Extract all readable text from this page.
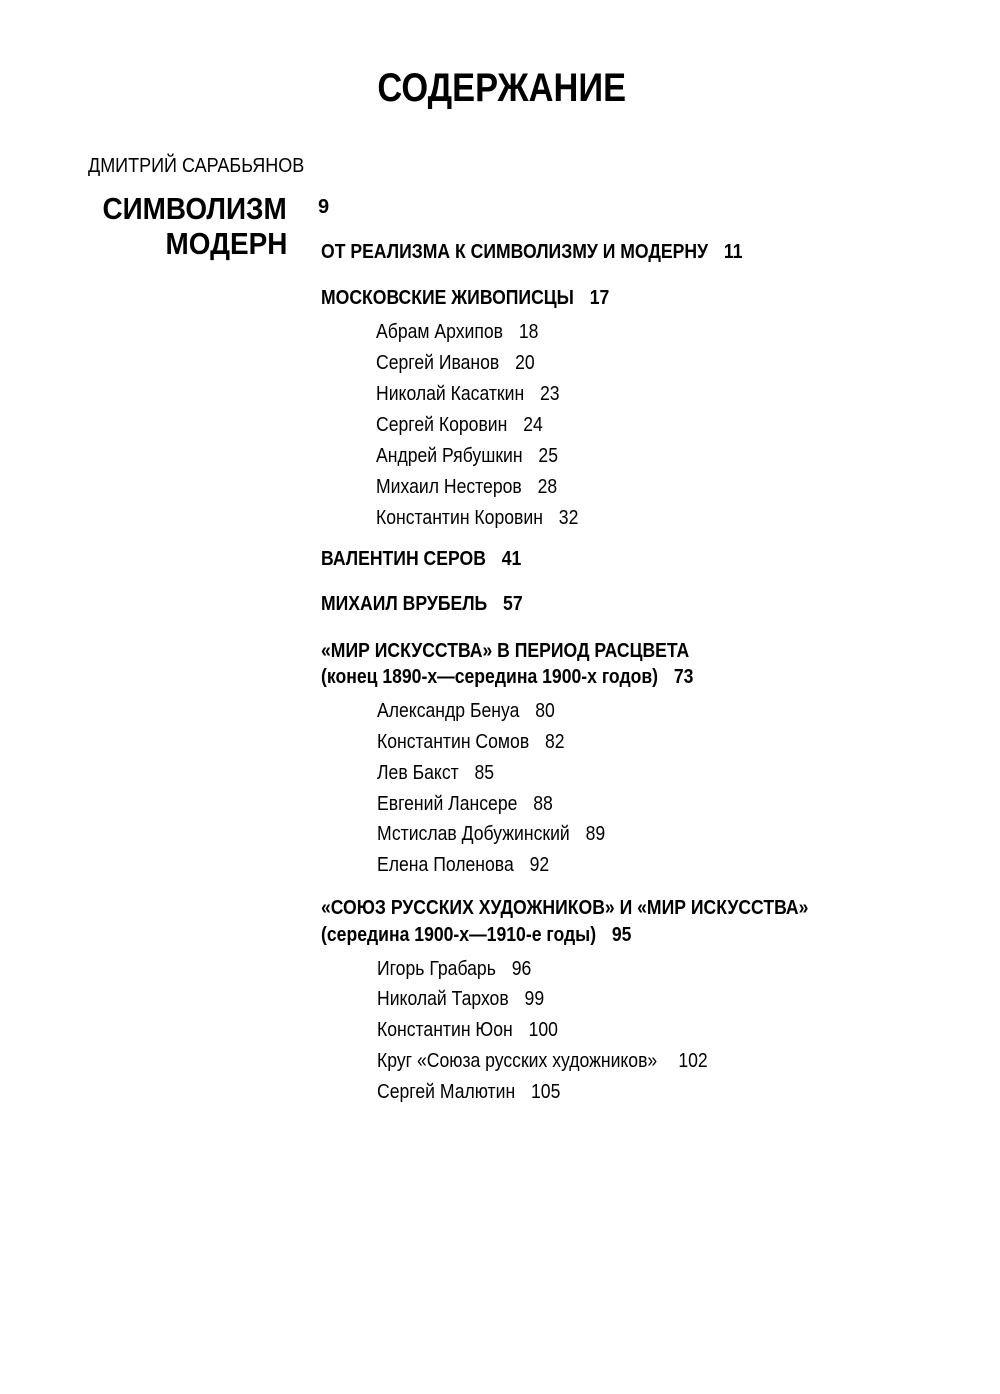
СОДЕРЖАНИЕ
ДМИТРИЙ САРАБЬЯНОВ
СИМВОЛИЗМ
МОДЕРН
9
ОТ РЕАЛИЗМА К СИМВОЛИЗМУ И МОДЕРНУ 11
МОСКОВСКИЕ ЖИВОПИСЦЫ 17
Абрам Архипов 18
Сергей Иванов 20
Николай Касаткин 23
Сергей Коровин 24
Андрей Рябушкин 25
Михаил Нестеров 28
Константин Коровин 32
ВАЛЕНТИН СЕРОВ 41
МИХАИЛ ВРУБЕЛЬ 57
«МИР ИСКУССТВА» В ПЕРИОД РАСЦВЕТА
(конец 1890-х—середина 1900-х годов) 73
Александр Бенуа 80
Константин Сомов 82
Лев Бакст 85
Евгений Лансере 88
Мстислав Добужинский 89
Елена Поленова 92
«СОЮЗ РУССКИХ ХУДОЖНИКОВ» И «МИР ИСКУССТВА»
(середина 1900-х—1910-е годы) 95
Игорь Грабарь 96
Николай Тархов 99
Константин Юон 100
Круг «Союза русских художников» 102
Сергей Малютин 105
